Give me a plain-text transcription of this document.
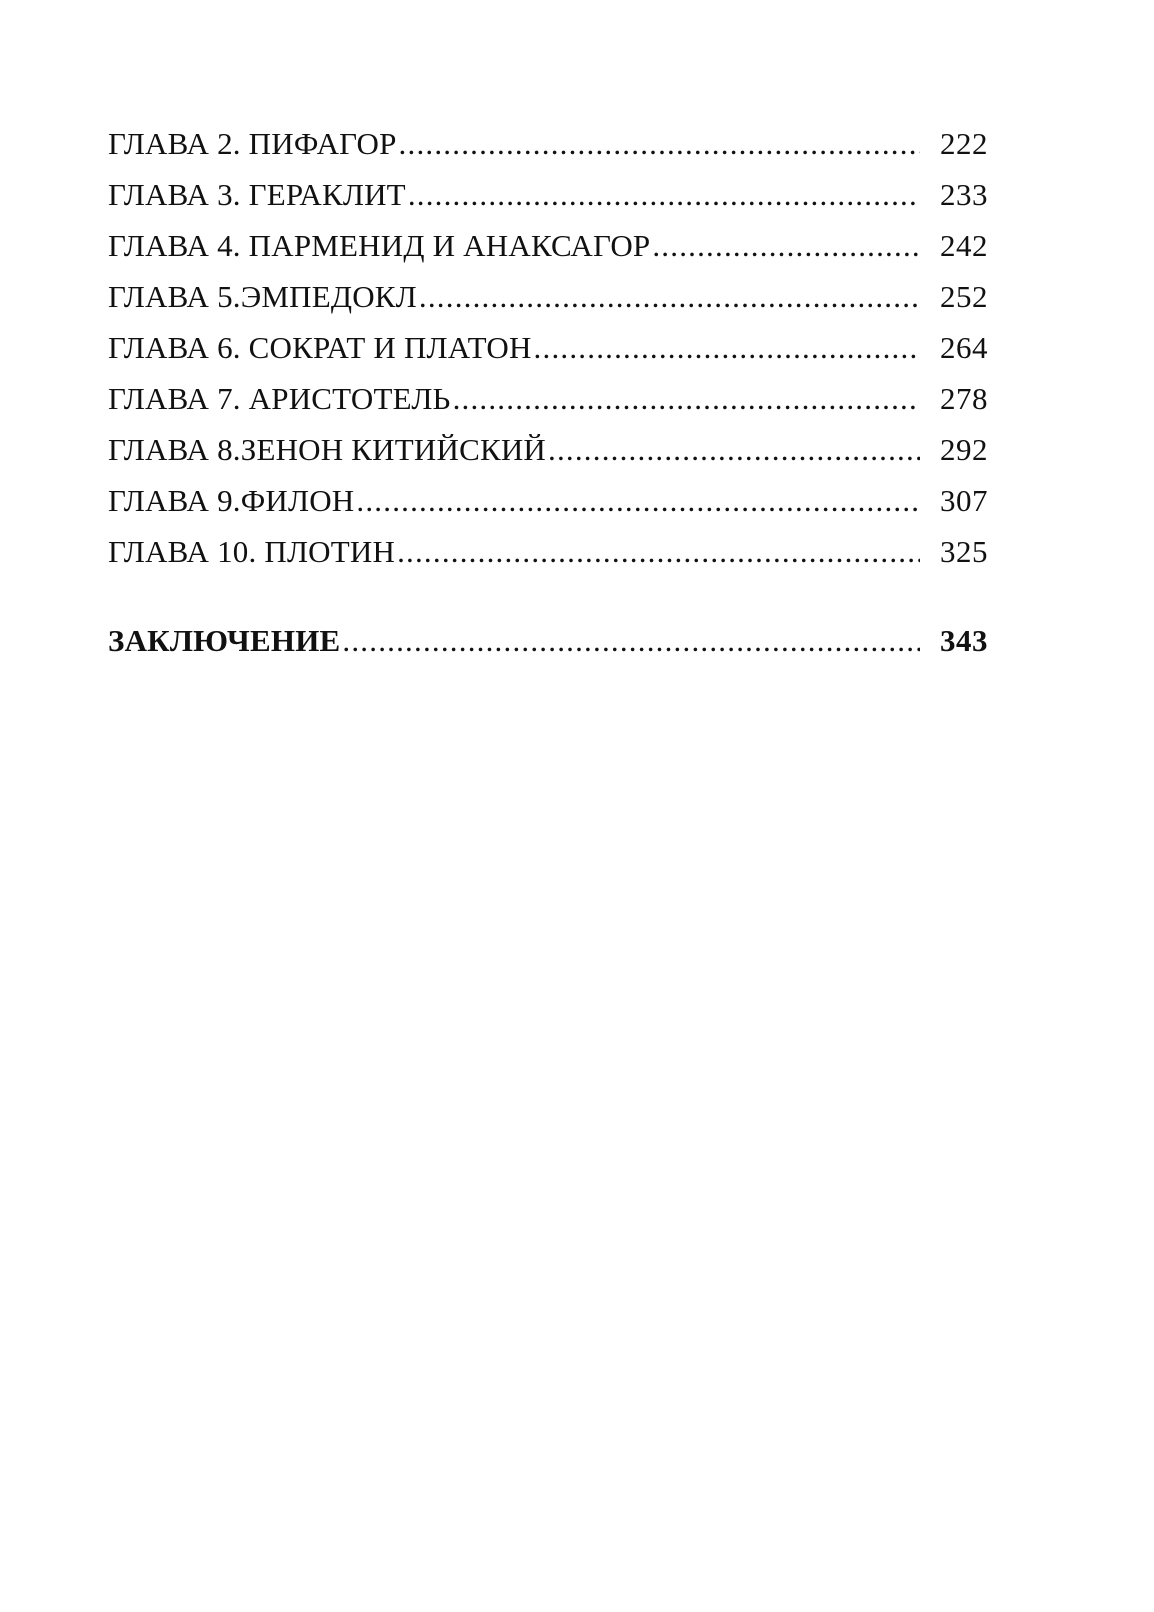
ГЛАВА 2. ПИФАГОР .....	222
ГЛАВА 3. ГЕРАКЛИТ .....	233
ГЛАВА 4. ПАРМЕНИД И АНАКСАГОР .....	242
ГЛАВА 5.ЭМПЕДОКЛ .....	252
ГЛАВА 6. СОКРАТ И ПЛАТОН .....	264
ГЛАВА 7. АРИСТОТЕЛЬ .....	278
ГЛАВА 8.ЗЕНОН КИТИЙСКИЙ .....	292
ГЛАВА 9.ФИЛОН .....	307
ГЛАВА 10. ПЛОТИН .....	325
ЗАКЛЮЧЕНИЕ .....	343
